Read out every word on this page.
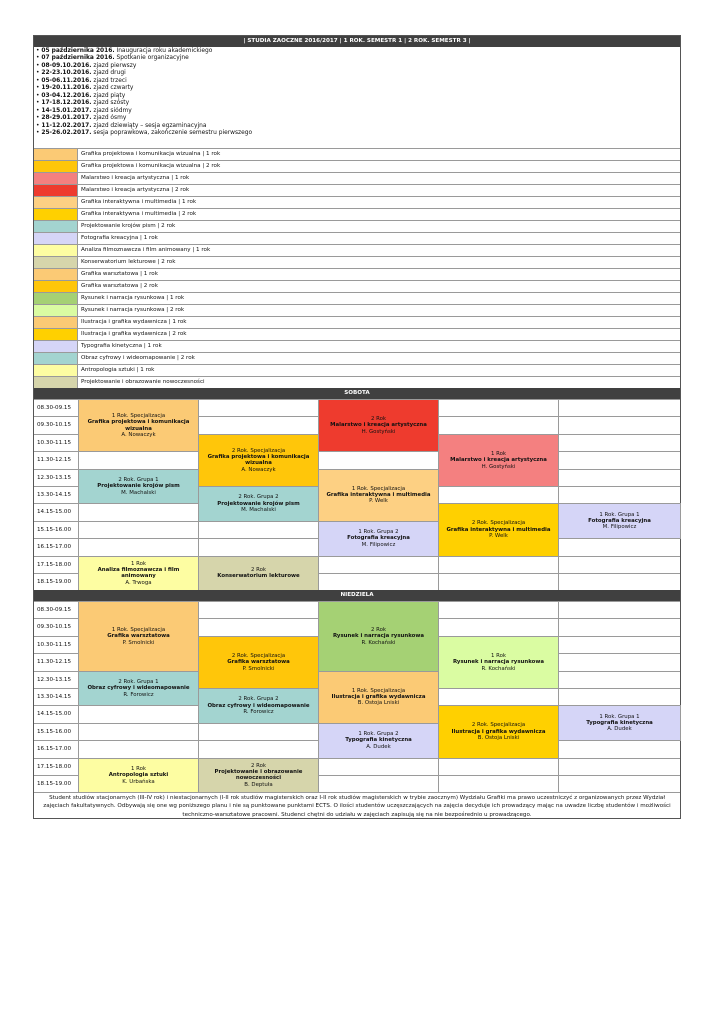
| STUDIA ZAOCZNE 2016/2017 | 1 ROK. SEMESTR 1 | 2 ROK. SEMESTR 3 |
• 05 października 2016. Inauguracja roku akademickiego
• 07 października 2016. Spotkanie organizacyjne
• 08-09.10.2016. zjazd pierwszy
• 22-23.10.2016. zjazd drugi
• 05-06.11.2016. zjazd trzeci
• 19-20.11.2016. zjazd czwarty
• 03-04.12.2016. zjazd piąty
• 17-18.12.2016. zjazd szósty
• 14-15.01.2017. zjazd siódmy
• 28-29.01.2017. zjazd ósmy
• 11-12.02.2017. zjazd dziewiąty – sesja egzaminacyjna
• 25-26.02.2017. sesja poprawkowa, zakończenie semestru pierwszego
Grafika projektowa i komunikacja wizualna | 1 rok
Grafika projektowa i komunikacja wizualna | 2 rok
Malarstwo i kreacja artystyczna | 1 rok
Malarstwo i kreacja artystyczna | 2 rok
Grafika interaktywna i multimedia | 1 rok
Grafika interaktywna i multimedia | 2 rok
Projektowanie krojów pism | 2 rok
Fotografia kreacyjna | 1 rok
Analiza filmoznawcza i film animowany | 1 rok
Konserwatorium lekturowe | 2 rok
Grafika warsztatowa | 1 rok
Grafika warsztatowa | 2 rok
Rysunek i narracja rysunkowa | 1 rok
Rysunek i narracja rysunkowa | 2 rok
Ilustracja i grafika wydawnicza | 1 rok
Ilustracja i grafika wydawnicza | 2 rok
Typografia kinetyczna | 1 rok
Obraz cyfrowy i wideomapowanie | 2 rok
Antropologia sztuki | 1 rok
Projektowanie i obrazowanie nowoczesności
SOBOTA
08.30-09.15
09.30-10.15
10.30-11.15
11.30-12.15
12.30-13.15
13.30-14.15
14.15-15.00
15.15-16.00
16.15-17.00
17.15-18.00
18.15-19.00
1 Rok. Specjalizacja
Grafika projektowa i komunikacja wizualna
A. Nowaczyk
2 Rok
Malarstwo i kreacja artystyczna
H. Gostyński
2 Rok. Specjalizacja
Grafika projektowa i komunikacja wizualna
A. Nowaczyk
1 Rok
Malarstwo i kreacja artystyczna
H. Gostyński
2 Rok. Grupa 1
Projektowanie krojów pism
M. Machalski
1 Rok. Specjalizacja
Grafika interaktywna i multimedia
P. Welk
2 Rok. Grupa 2
Projektowanie krojów pism
M. Machalski
2 Rok. Specjalizacja
Grafika interaktywna i multimedia
P. Welk
1 Rok. Grupa 1
Fotografia kreacyjna
M. Filipowicz
1 Rok. Grupa 2
Fotografia kreacyjna
M. Filipowicz
1 Rok
Analiza filmoznawcza i film animowany
A. Trwoga
2 Rok
Konserwatorium lekturowe
NIEDZIELA
08.30-09.15
09.30-10.15
10.30-11.15
11.30-12.15
12.30-13.15
13.30-14.15
14.15-15.00
15.15-16.00
16.15-17.00
17.15-18.00
18.15-19.00
1 Rok. Specjalizacja
Grafika warsztatowa
P. Smolnicki
2 Rok
Rysunek i narracja rysunkowa
R. Kochański
2 Rok. Specjalizacja
Grafika warsztatowa
P. Smolnicki
1 Rok
Rysunek i narracja rysunkowa
R. Kochański
2 Rok. Grupa 1
Obraz cyfrowy i wideomapowanie
R. Forowicz
1 Rok. Specjalizacja
Ilustracja i grafika wydawnicza
B. Ostoja Lniski
2 Rok. Grupa 2
Obraz cyfrowy i wideomapowanie
R. Forowicz
2 Rok. Specjalizacja
Ilustracja i grafika wydawnicza
B. Ostoja Lniski
1 Rok. Grupa 1
Typografia kinetyczna
A. Dudek
1 Rok. Grupa 2
Typografia kinetyczna
A. Dudek
1 Rok
Antropologia sztuki
K. Urbańska
2 Rok
Projektowanie i obrazowanie nowoczesności
B. Deptuła
Student studiów stacjonarnych (III-IV rok) i niestacjonarnych (I-II rok studiów magisterskich oraz I-II rok studiów magisterskich w trybie zaocznym) Wydziału Grafiki ma prawo uczestniczyć z organizowanych przez Wydział zajęciach fakultatywnych. Odbywają się one wg poniższego planu i nie są punktowane punktami ECTS. O ilości studentów uczęszczających na zajęcia decyduje ich prowadzący mając na uwadze liczbę studentów i możliwości techniczno-warsztatowe pracowni. Studenci chętni do udziału w zajęciach zapisują się na nie bezpośrednio u prowadzącego.
